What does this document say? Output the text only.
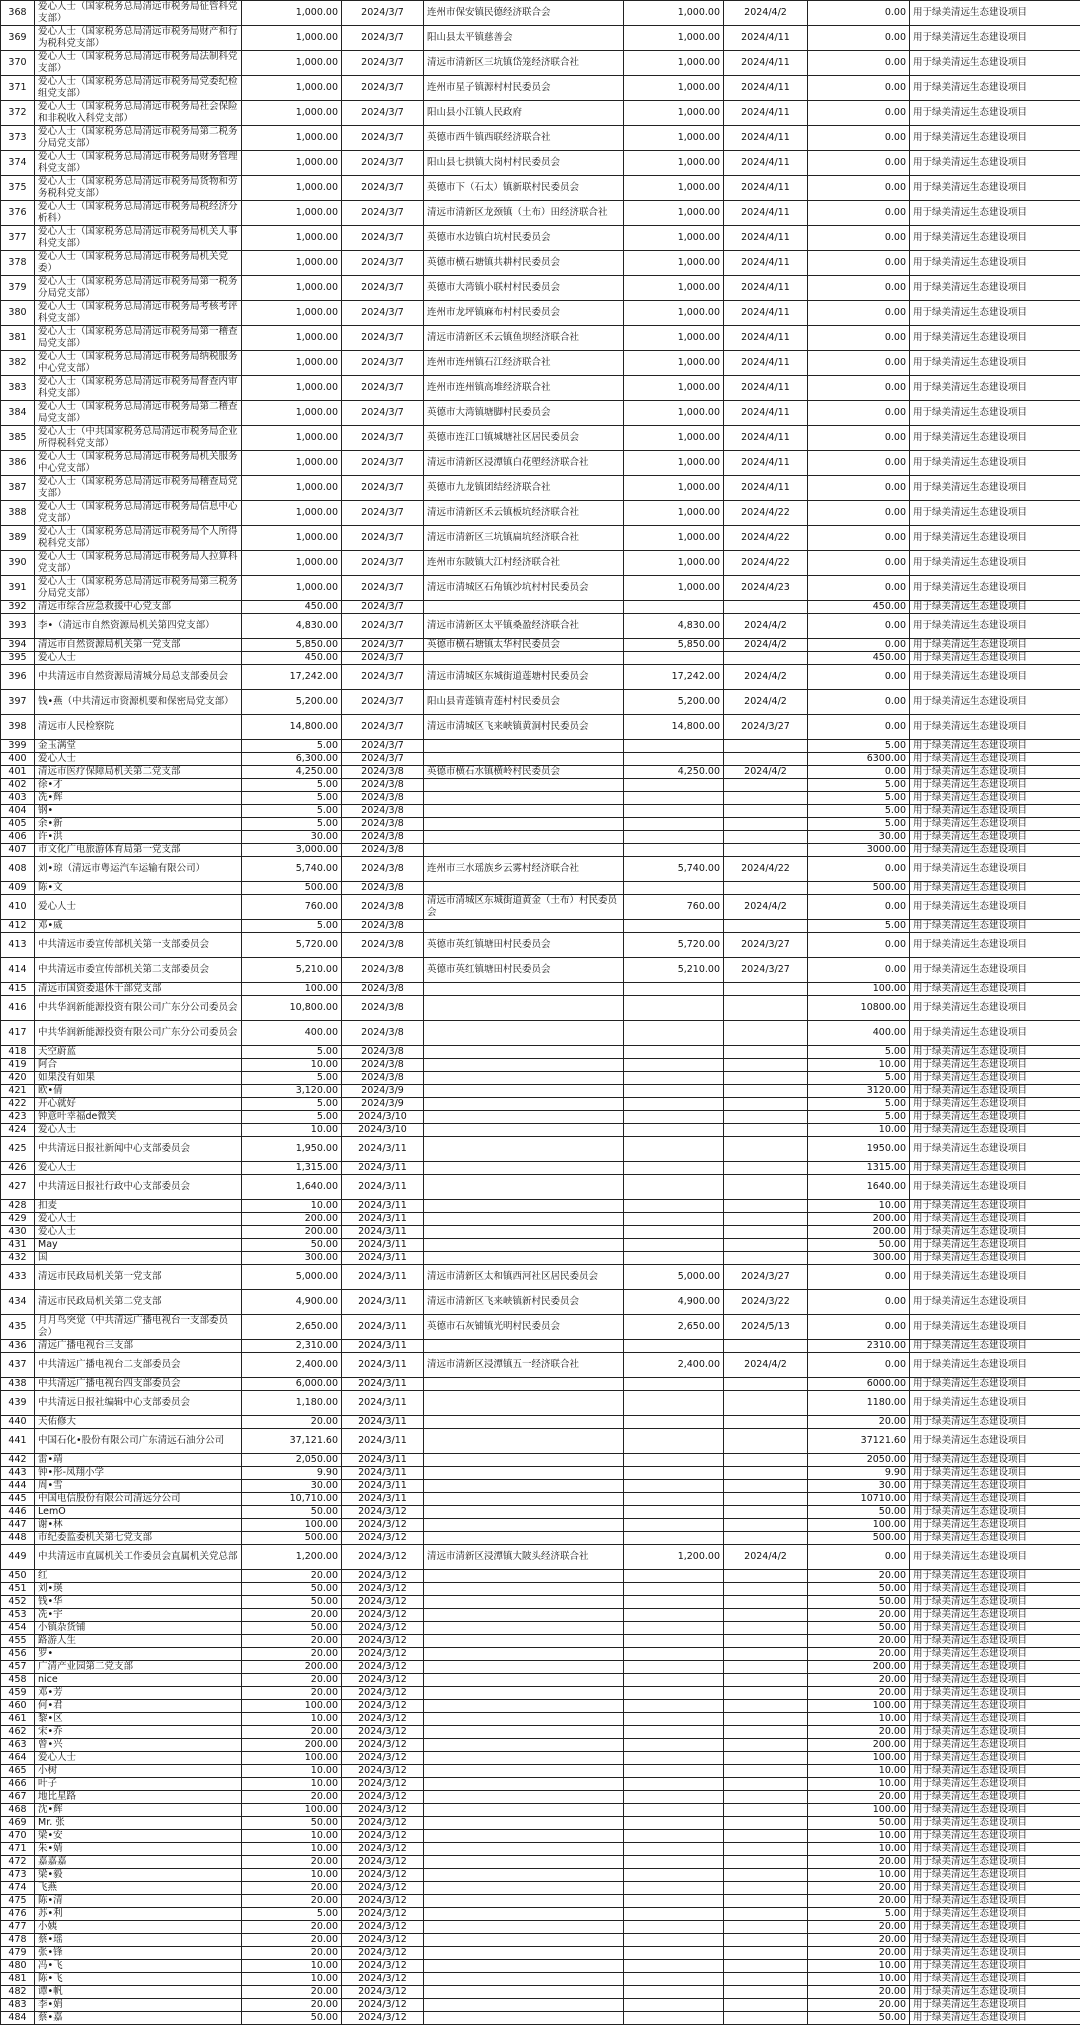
368	爱心人士（国家税务总局清远市税务局征管科党支部）	1,000.00	2024/3/7	连州市保安镇民德经济联合会	1,000.00	2024/4/2	0.00	用于绿美清远生态建设项目
369	爱心人士（国家税务总局清远市税务局财产和行为税科党支部）	1,000.00	2024/3/7	阳山县太平镇慈善会	1,000.00	2024/4/11	0.00	用于绿美清远生态建设项目
370	爱心人士（国家税务总局清远市税务局法制科党支部）	1,000.00	2024/3/7	清远市清新区三坑镇岱笼经济联合社	1,000.00	2024/4/11	0.00	用于绿美清远生态建设项目
371	爱心人士（国家税务总局清远市税务局党委纪检组党支部）	1,000.00	2024/3/7	连州市星子镇源村村民委员会	1,000.00	2024/4/11	0.00	用于绿美清远生态建设项目
372	爱心人士（国家税务总局清远市税务局社会保险和非税收入科党支部）	1,000.00	2024/3/7	阳山县小江镇人民政府	1,000.00	2024/4/11	0.00	用于绿美清远生态建设项目
373	爱心人士（国家税务总局清远市税务局第二税务分局党支部）	1,000.00	2024/3/7	英德市西牛镇西联经济联合社	1,000.00	2024/4/11	0.00	用于绿美清远生态建设项目
374	爱心人士（国家税务总局清远市税务局财务管理科党支部）	1,000.00	2024/3/7	阳山县七拱镇大岗村村民委员会	1,000.00	2024/4/11	0.00	用于绿美清远生态建设项目
375	爱心人士（国家税务总局清远市税务局货物和劳务税科党支部）	1,000.00	2024/3/7	英德市下（石太）镇新联村民委员会	1,000.00	2024/4/11	0.00	用于绿美清远生态建设项目
376	爱心人士（国家税务总局清远市税务局税经济分析科）	1,000.00	2024/3/7	清远市清新区龙颈镇（土布）田经济联合社	1,000.00	2024/4/11	0.00	用于绿美清远生态建设项目
377	爱心人士（国家税务总局清远市税务局机关人事科党支部）	1,000.00	2024/3/7	英德市水边镇白坑村民委员会	1,000.00	2024/4/11	0.00	用于绿美清远生态建设项目
378	爱心人士（国家税务总局清远市税务局机关党委）	1,000.00	2024/3/7	英德市横石塘镇共耕村民委员会	1,000.00	2024/4/11	0.00	用于绿美清远生态建设项目
379	爱心人士（国家税务总局清远市税务局第一税务分局党支部）	1,000.00	2024/3/7	英德市大湾镇小联村村民委员会	1,000.00	2024/4/11	0.00	用于绿美清远生态建设项目
380	爱心人士（国家税务总局清远市税务局考核考评科党支部）	1,000.00	2024/3/7	连州市龙坪镇麻布村村民委员会	1,000.00	2024/4/11	0.00	用于绿美清远生态建设项目
381	爱心人士（国家税务总局清远市税务局第一稽查局党支部）	1,000.00	2024/3/7	清远市清新区禾云镇鱼坝经济联合社	1,000.00	2024/4/11	0.00	用于绿美清远生态建设项目
382	爱心人士（国家税务总局清远市税务局纳税服务中心党支部）	1,000.00	2024/3/7	连州市连州镇石江经济联合社	1,000.00	2024/4/11	0.00	用于绿美清远生态建设项目
383	爱心人士（国家税务总局清远市税务局督查内审科党支部）	1,000.00	2024/3/7	连州市连州镇高堆经济联合社	1,000.00	2024/4/11	0.00	用于绿美清远生态建设项目
384	爱心人士（国家税务总局清远市税务局第二稽查局党支部）	1,000.00	2024/3/7	英德市大湾镇塘脚村民委员会	1,000.00	2024/4/11	0.00	用于绿美清远生态建设项目
385	爱心人士（中共国家税务总局清远市税务局企业所得税科党支部）	1,000.00	2024/3/7	英德市连江口镇城塘社区居民委员会	1,000.00	2024/4/11	0.00	用于绿美清远生态建设项目
386	爱心人士（国家税务总局清远市税务局机关服务中心党支部）	1,000.00	2024/3/7	清远市清新区浸潭镇白花塱经济联合社	1,000.00	2024/4/11	0.00	用于绿美清远生态建设项目
387	爱心人士（国家税务总局清远市税务局稽查局党支部）	1,000.00	2024/3/7	英德市九龙镇团结经济联合社	1,000.00	2024/4/11	0.00	用于绿美清远生态建设项目
388	爱心人士（国家税务总局清远市税务局信息中心党支部）	1,000.00	2024/3/7	清远市清新区禾云镇板坑经济联合社	1,000.00	2024/4/22	0.00	用于绿美清远生态建设项目
389	爱心人士（国家税务总局清远市税务局个人所得税科党支部）	1,000.00	2024/3/7	清远市清新区三坑镇扁坑经济联合社	1,000.00	2024/4/22	0.00	用于绿美清远生态建设项目
390	爱心人士（国家税务总局清远市税务局人拉算科党支部）	1,000.00	2024/3/7	连州市东陂镇大江村经济联合社	1,000.00	2024/4/22	0.00	用于绿美清远生态建设项目
391	爱心人士（国家税务总局清远市税务局第三税务分局党支部）	1,000.00	2024/3/7	清远市清城区石角镇沙坑村村民委员会	1,000.00	2024/4/23	0.00	用于绿美清远生态建设项目
392	清远市综合应急救援中心党支部	450.00	2024/3/7				450.00	用于绿美清远生态建设项目
393	李•（清远市自然资源局机关第四党支部）	4,830.00	2024/3/7	清远市清新区太平镇桑盈经济联合社	4,830.00	2024/4/2	0.00	用于绿美清远生态建设项目
394	清远市自然资源局机关第一党支部	5,850.00	2024/3/7	英德市横石塘镇太华村民委员会	5,850.00	2024/4/2	0.00	用于绿美清远生态建设项目
395	爱心人士	450.00	2024/3/7				450.00	用于绿美清远生态建设项目
396	中共清远市自然资源局清城分局总支部委员会	17,242.00	2024/3/7	清远市清城区东城街道莲塘村民委员会	17,242.00	2024/4/2	0.00	用于绿美清远生态建设项目
397	钱•燕（中共清远市资源机要和保密局党支部）	5,200.00	2024/3/7	阳山县青莲镇青莲村村民委员会	5,200.00	2024/4/2	0.00	用于绿美清远生态建设项目
398	清远市人民检察院	14,800.00	2024/3/7	清远市清城区飞来峡镇黄洞村民委员会	14,800.00	2024/3/27	0.00	用于绿美清远生态建设项目
399	金玉满堂	5.00	2024/3/7				5.00	用于绿美清远生态建设项目
400	爱心人士	6,300.00	2024/3/7				6300.00	用于绿美清远生态建设项目
401	清远市医疗保障局机关第二党支部	4,250.00	2024/3/8	英德市横石水镇横岭村民委员会	4,250.00	2024/4/2	0.00	用于绿美清远生态建设项目
402	徐•才	5.00	2024/3/8				5.00	用于绿美清远生态建设项目
403	冼•辉	5.00	2024/3/8				5.00	用于绿美清远生态建设项目
404	钢•	5.00	2024/3/8				5.00	用于绿美清远生态建设项目
405	余•新	5.00	2024/3/8				5.00	用于绿美清远生态建设项目
406	许•洪	30.00	2024/3/8				30.00	用于绿美清远生态建设项目
407	市文化广电旅游体育局第一党支部	3,000.00	2024/3/8				3000.00	用于绿美清远生态建设项目
408	刘•琼（清远市粤运汽车运输有限公司）	5,740.00	2024/3/8	连州市三水瑶族乡云雾村经济联合社	5,740.00	2024/4/22	0.00	用于绿美清远生态建设项目
409	陈•文	500.00	2024/3/8				500.00	用于绿美清远生态建设项目
410	爱心人士	760.00	2024/3/8	清远市清城区东城街道黄金（土布）村民委员会	760.00	2024/4/2	0.00	用于绿美清远生态建设项目
412	邓•威	5.00	2024/3/8				5.00	用于绿美清远生态建设项目
413	中共清远市委宣传部机关第一支部委员会	5,720.00	2024/3/8	英德市英红镇塘田村民委员会	5,720.00	2024/3/27	0.00	用于绿美清远生态建设项目
414	中共清远市委宣传部机关第二支部委员会	5,210.00	2024/3/8	英德市英红镇塘田村民委员会	5,210.00	2024/3/27	0.00	用于绿美清远生态建设项目
415	清远市国资委退休干部党支部	100.00	2024/3/8				100.00	用于绿美清远生态建设项目
416	中共华润新能源投资有限公司广东分公司委员会	10,800.00	2024/3/8				10800.00	用于绿美清远生态建设项目
417	中共华润新能源投资有限公司广东分公司委员会	400.00	2024/3/8				400.00	用于绿美清远生态建设项目
418	天空蔚蓝	5.00	2024/3/8				5.00	用于绿美清远生态建设项目
419	阿合	10.00	2024/3/8				10.00	用于绿美清远生态建设项目
420	如果没有如果	5.00	2024/3/8				5.00	用于绿美清远生态建设项目
421	欧•倩	3,120.00	2024/3/9				3120.00	用于绿美清远生态建设项目
422	开心就好	5.00	2024/3/9				5.00	用于绿美清远生态建设项目
423	钟意叶幸福de微笑	5.00	2024/3/10				5.00	用于绿美清远生态建设项目
424	爱心人士	10.00	2024/3/10				10.00	用于绿美清远生态建设项目
425	中共清远日报社新闻中心支部委员会	1,950.00	2024/3/11				1950.00	用于绿美清远生态建设项目
426	爱心人士	1,315.00	2024/3/11				1315.00	用于绿美清远生态建设项目
427	中共清远日报社行政中心支部委员会	1,640.00	2024/3/11				1640.00	用于绿美清远生态建设项目
428	扣麦	10.00	2024/3/11				10.00	用于绿美清远生态建设项目
429	爱心人士	200.00	2024/3/11				200.00	用于绿美清远生态建设项目
430	爱心人士	200.00	2024/3/11				200.00	用于绿美清远生态建设项目
431	May	50.00	2024/3/11				50.00	用于绿美清远生态建设项目
432	国	300.00	2024/3/11				300.00	用于绿美清远生态建设项目
433	清远市民政局机关第一党支部	5,000.00	2024/3/11	清远市清新区太和镇西河社区居民委员会	5,000.00	2024/3/27	0.00	用于绿美清远生态建设项目
434	清远市民政局机关第二党支部	4,900.00	2024/3/11	清远市清新区飞来峡镇新村民委员会	4,900.00	2024/3/22	0.00	用于绿美清远生态建设项目
435	月月鸟突觉（中共清远广播电视台一支部委员会）	2,650.00	2024/3/11	英德市石灰铺镇光明村民委员会	2,650.00	2024/5/13	0.00	用于绿美清远生态建设项目
436	清远广播电视台三支部	2,310.00	2024/3/11				2310.00	用于绿美清远生态建设项目
437	中共清远广播电视台二支部委员会	2,400.00	2024/3/11	清远市清新区浸潭镇五一经济联合社	2,400.00	2024/4/2	0.00	用于绿美清远生态建设项目
438	中共清远广播电视台四支部委员会	6,000.00	2024/3/11				6000.00	用于绿美清远生态建设项目
439	中共清远日报社编辑中心支部委员会	1,180.00	2024/3/11				1180.00	用于绿美清远生态建设项目
440	天佑修大	20.00	2024/3/11				20.00	用于绿美清远生态建设项目
441	中国石化•股份有限公司广东清远石油分公司	37,121.60	2024/3/11				37121.60	用于绿美清远生态建设项目
442	雷•靖	2,050.00	2024/3/11				2050.00	用于绿美清远生态建设项目
443	钟•彤-凤翔小学	9.90	2024/3/11				9.90	用于绿美清远生态建设项目
444	周•雪	30.00	2024/3/11				30.00	用于绿美清远生态建设项目
445	中国电信股份有限公司清远分公司	10,710.00	2024/3/11				10710.00	用于绿美清远生态建设项目
446	LemO	50.00	2024/3/12				50.00	用于绿美清远生态建设项目
447	谢•林	100.00	2024/3/12				100.00	用于绿美清远生态建设项目
448	市纪委监委机关第七党支部	500.00	2024/3/12				500.00	用于绿美清远生态建设项目
449	中共清远市直属机关工作委员会直属机关党总部	1,200.00	2024/3/12	清远市清新区浸潭镇大陂头经济联合社	1,200.00	2024/4/2	0.00	用于绿美清远生态建设项目
450	红	20.00	2024/3/12				20.00	用于绿美清远生态建设项目
451	刘•瑛	50.00	2024/3/12				50.00	用于绿美清远生态建设项目
452	钱•华	50.00	2024/3/12				50.00	用于绿美清远生态建设项目
453	冼•宇	20.00	2024/3/12				20.00	用于绿美清远生态建设项目
454	小镇杂货铺	50.00	2024/3/12				50.00	用于绿美清远生态建设项目
455	路游人生	20.00	2024/3/12				20.00	用于绿美清远生态建设项目
456	罗•	20.00	2024/3/12				20.00	用于绿美清远生态建设项目
457	广清产业园第二党支部	200.00	2024/3/12				200.00	用于绿美清远生态建设项目
458	nice	20.00	2024/3/12				20.00	用于绿美清远生态建设项目
459	邓•芳	20.00	2024/3/12				20.00	用于绿美清远生态建设项目
460	何•君	100.00	2024/3/12				100.00	用于绿美清远生态建设项目
461	黎•区	10.00	2024/3/12				10.00	用于绿美清远生态建设项目
462	宋•乔	20.00	2024/3/12				20.00	用于绿美清远生态建设项目
463	曾•兴	200.00	2024/3/12				200.00	用于绿美清远生态建设项目
464	爱心人士	100.00	2024/3/12				100.00	用于绿美清远生态建设项目
465	小树	10.00	2024/3/12				10.00	用于绿美清远生态建设项目
466	叶子	10.00	2024/3/12				10.00	用于绿美清远生态建设项目
467	地比星路	20.00	2024/3/12				20.00	用于绿美清远生态建设项目
468	沈•辉	100.00	2024/3/12				100.00	用于绿美清远生态建设项目
469	Mr. 张	50.00	2024/3/12				50.00	用于绿美清远生态建设项目
470	梁•安	10.00	2024/3/12				10.00	用于绿美清远生态建设项目
471	朱•婧	10.00	2024/3/12				10.00	用于绿美清远生态建设项目
472	嘉嘉嘉	20.00	2024/3/12				20.00	用于绿美清远生态建设项目
473	梁•毅	10.00	2024/3/12				10.00	用于绿美清远生态建设项目
474	飞燕	20.00	2024/3/12				20.00	用于绿美清远生态建设项目
475	陈•清	20.00	2024/3/12				20.00	用于绿美清远生态建设项目
476	苏•利	5.00	2024/3/12				5.00	用于绿美清远生态建设项目
477	小姨	20.00	2024/3/12				20.00	用于绿美清远生态建设项目
478	蔡•瑶	20.00	2024/3/12				20.00	用于绿美清远生态建设项目
479	张•锋	20.00	2024/3/12				20.00	用于绿美清远生态建设项目
480	冯•飞	10.00	2024/3/12				10.00	用于绿美清远生态建设项目
481	陈•飞	10.00	2024/3/12				10.00	用于绿美清远生态建设项目
482	谭•帆	20.00	2024/3/12				20.00	用于绿美清远生态建设项目
483	李•娟	20.00	2024/3/12				20.00	用于绿美清远生态建设项目
484	蔡•嘉	50.00	2024/3/12				50.00	用于绿美清远生态建设项目
